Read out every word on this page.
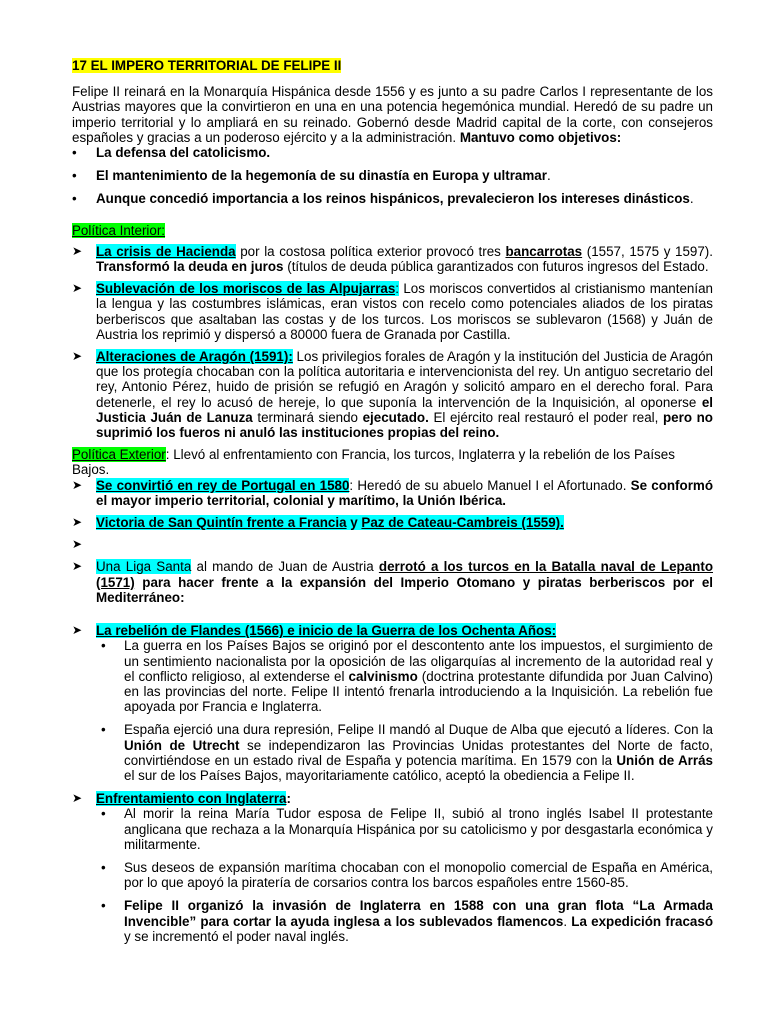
17 EL IMPERO TERRITORIAL DE FELIPE II

Felipe II reinará en la Monarquía Hispánica desde 1556 y es junto a su padre Carlos I representante de los Austrias mayores que la convirtieron en una en una potencia hegemónica mundial. Heredó de su padre un imperio territorial y lo ampliará en su reinado. Gobernó desde Madrid capital de la corte, con consejeros españoles y gracias a un poderoso ejército y a la administración. Mantuvo como objetivos:

• La defensa del catolicismo.
• El mantenimiento de la hegemonía de su dinastía en Europa y ultramar.
• Aunque concedió importancia a los reinos hispánicos, prevalecieron los intereses dinásticos.
Política Interior:
➤ La crisis de Hacienda por la costosa política exterior provocó tres bancarrotas (1557, 1575 y 1597). Transformó la deuda en juros (títulos de deuda pública garantizados con futuros ingresos del Estado.
➤ Sublevación de los moriscos de las Alpujarras: Los moriscos convertidos al cristianismo mantenían la lengua y las costumbres islámicas, eran vistos con recelo como potenciales aliados de los piratas berberiscos que asaltaban las costas y de los turcos. Los moriscos se sublevaron (1568) y Juán de Austria los reprimió y dispersó a 80000 fuera de Granada por Castilla.
➤ Alteraciones de Aragón (1591): Los privilegios forales de Aragón y la institución del Justicia de Aragón que los protegía chocaban con la política autoritaria e intervencionista del rey. Un antiguo secretario del rey, Antonio Pérez, huido de prisión se refugió en Aragón y solicitó amparo en el derecho foral. Para detenerle, el rey lo acusó de hereje, lo que suponía la intervención de la Inquisición, al oponerse el Justicia Juán de Lanuza terminará siendo ejecutado. El ejército real restauró el poder real, pero no suprimió los fueros ni anuló las instituciones propias del reino.
Política Exterior: Llevó al enfrentamiento con Francia, los turcos, Inglaterra y la rebelión de los Países Bajos.
➤ Se convirtió en rey de Portugal en 1580: Heredó de su abuelo Manuel I el Afortunado. Se conformó el mayor imperio territorial, colonial y marítimo, la Unión Ibérica.
➤ Victoria de San Quintín frente a Francia y Paz de Cateau-Cambreis (1559).
➤

➤ Una Liga Santa al mando de Juan de Austria derrotó a los turcos en la Batalla naval de Lepanto (1571) para hacer frente a la expansión del Imperio Otomano y piratas berberiscos por el Mediterráneo:
➤ La rebelión de Flandes (1566) e inicio de la Guerra de los Ochenta Años:
• La guerra en los Países Bajos se originó por el descontento ante los impuestos, el surgimiento de un sentimiento nacionalista por la oposición de las oligarquías al incremento de la autoridad real y el conflicto religioso, al extenderse el calvinismo (doctrina protestante difundida por Juan Calvino) en las provincias del norte. Felipe II intentó frenarla introduciendo a la Inquisición. La rebelión fue apoyada por Francia e Inglaterra.
• España ejerció una dura represión, Felipe II mandó al Duque de Alba que ejecutó a líderes. Con la Unión de Utrecht se independizaron las Provincias Unidas protestantes del Norte de facto, convirtiéndose en un estado rival de España y potencia marítima. En 1579 con la Unión de Arrás el sur de los Países Bajos, mayoritariamente católico, aceptó la obediencia a Felipe II.
➤ Enfrentamiento con Inglaterra:
• Al morir la reina María Tudor esposa de Felipe II, subió al trono inglés Isabel II protestante anglicana que rechaza a la Monarquía Hispánica por su catolicismo y por desgastarla económica y militarmente.
• Sus deseos de expansión marítima chocaban con el monopolio comercial de España en América, por lo que apoyó la piratería de corsarios contra los barcos españoles entre 1560-85.
• Felipe II organizó la invasión de Inglaterra en 1588 con una gran flota “La Armada Invencible” para cortar la ayuda inglesa a los sublevados flamencos. La expedición fracasó y se incrementó el poder naval inglés.
